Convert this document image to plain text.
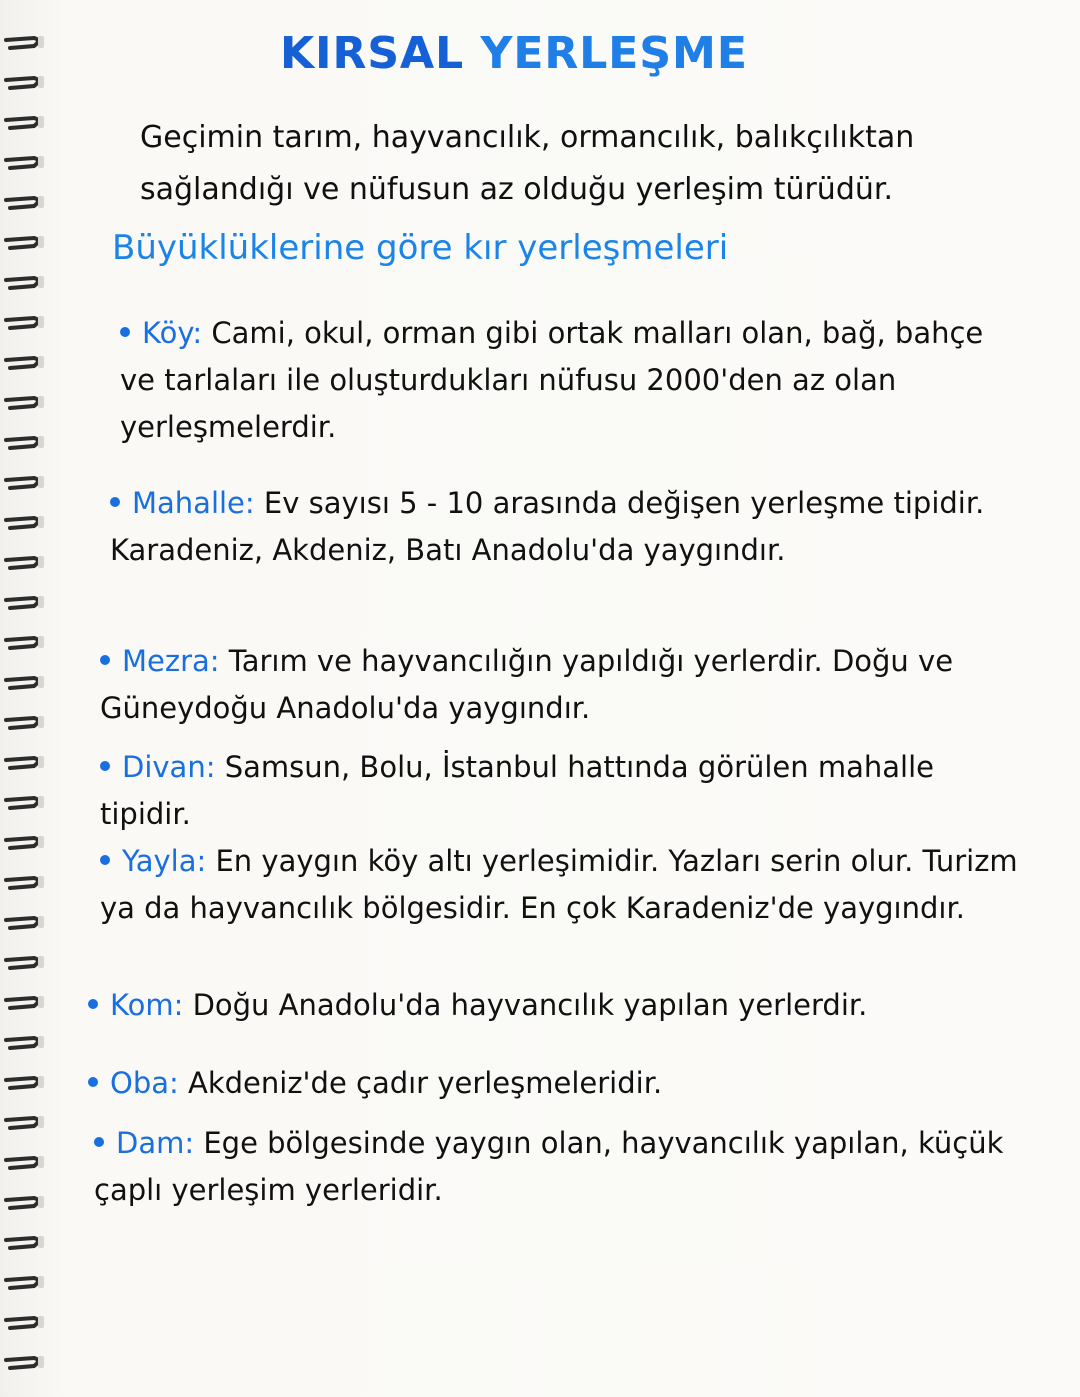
KIRSAL YERLEŞME
Geçimin tarım, hayvancılık, ormancılık, balıkçılıktan sağlandığı ve nüfusun az olduğu yerleşim türüdür.
Büyüklüklerine göre kır yerleşmeleri
Köy: Cami, okul, orman gibi ortak malları olan, bağ, bahçe ve tarlaları ile oluşturdukları nüfusu 2000'den az olan yerleşmelerdir.
Mahalle: Ev sayısı 5 - 10 arasında değişen yerleşme tipidir. Karadeniz, Akdeniz, Batı Anadolu'da yaygındır.
Mezra: Tarım ve hayvancılığın yapıldığı yerlerdir. Doğu ve Güneydoğu Anadolu'da yaygındır.
Divan: Samsun, Bolu, İstanbul hattında görülen mahalle tipidir.
Yayla: En yaygın köy altı yerleşimidir. Yazları serin olur. Turizm ya da hayvancılık bölgesidir. En çok Karadeniz'de yaygındır.
Kom: Doğu Anadolu'da hayvancılık yapılan yerlerdir.
Oba: Akdeniz'de çadır yerleşmeleridir.
Dam: Ege bölgesinde yaygın olan, hayvancılık yapılan, küçük çaplı yerleşim yerleridir.
